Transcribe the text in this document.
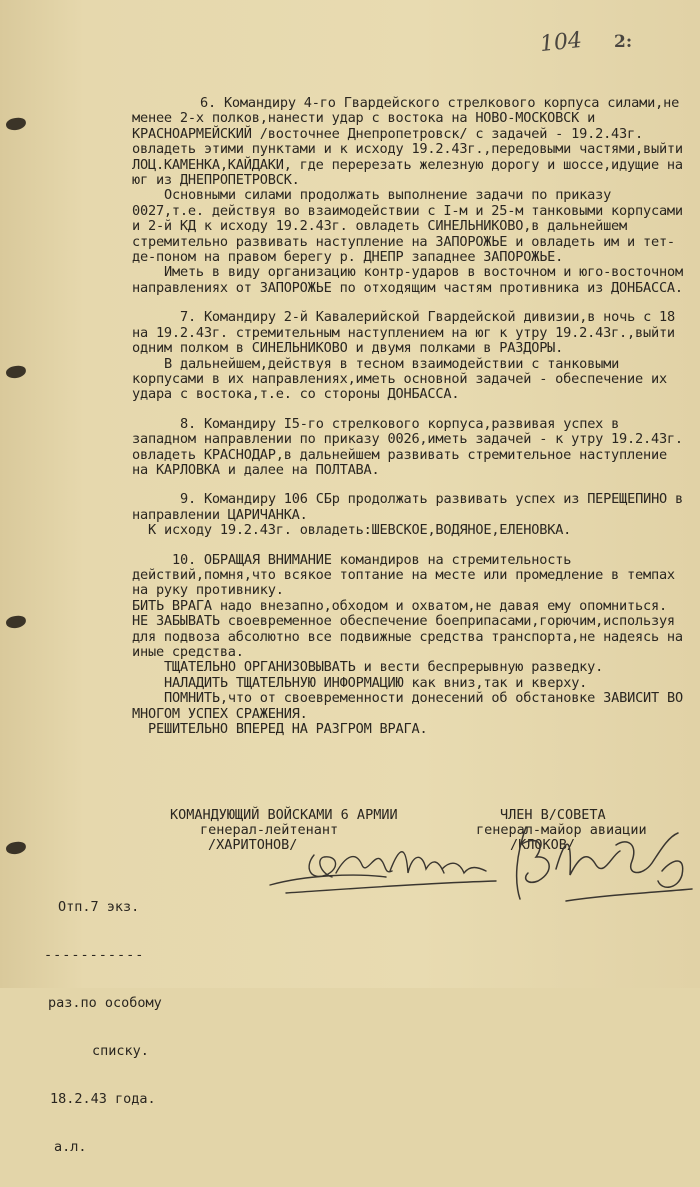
104 2:

6. Командиру 4-го Гвардейского стрелкового корпуса силами,не менее 2-х полков,нанести удар с востока на НОВО-МОСКОВСК и КРАСНОАРМЕЙСКИЙ /восточнее Днепропетровск/ с задачей - 19.2.43г. овладеть этими пунктами и к исходу 19.2.43г.,передовыми частями,выйти ЛОЦ.КАМЕНКА,КАЙДАКИ, где перерезать железную дорогу и шоссе,идущие на юг из ДНЕПРОПЕТРОВСК.

Основными силами продолжать выполнение задачи по приказу 0027,т.е. действуя во взаимодействии с I-м и 25-м танковыми корпусами и 2-й КД к исходу 19.2.43г. овладеть СИНЕЛЬНИКОВО,в дальнейшем стремительно развивать наступление на ЗАПОРОЖЬЕ и овладеть им и тет-де-поном на правом берегу р. ДНЕПР западнее ЗАПОРОЖЬЕ.

Иметь в виду организацию контр-ударов в восточном и юго-восточном направлениях от ЗАПОРОЖЬЕ по отходящим частям противника из ДОНБАССА.

7. Командиру 2-й Кавалерийской Гвардейской дивизии,в ночь с 18 на 19.2.43г. стремительным наступлением на юг к утру 19.2.43г.,выйти одним полком в СИНЕЛЬНИКОВО и двумя полками в РАЗДОРЫ.

В дальнейшем,действуя в тесном взаимодействии с танковыми корпусами в их направлениях,иметь основной задачей - обеспечение их удара с востока,т.е. со стороны ДОНБАССА.

8. Командиру I5-го стрелкового корпуса,развивая успех в западном направлении по приказу 0026,иметь задачей - к утру 19.2.43г. овладеть КРАСНОДАР,в дальнейшем развивать стремительное наступление на КАРЛОВКА и далее на ПОЛТАВА.

9. Командиру 106 СБр продолжать развивать успех из ПЕРЕЩЕПИНО в направлении ЦАРИЧАНКА.

К исходу 19.2.43г. овладеть:ШЕВСКОЕ,ВОДЯНОЕ,ЕЛЕНОВКА.

10. ОБРАЩАЯ ВНИМАНИЕ командиров на стремительность действий,помня,что всякое топтание на месте или промедление в темпах на руку противнику.

БИТЬ ВРАГА надо внезапно,обходом и охватом,не давая ему опомниться.

НЕ ЗАБЫВАТЬ своевременное обеспечение боеприпасами,горючим,используя для подвоза абсолютно все подвижные средства транспорта,не надеясь на иные средства.

ТЩАТЕЛЬНО ОРГАНИЗОВЫВАТЬ и вести беспрерывную разведку.

НАЛАДИТЬ ТЩАТЕЛЬНУЮ ИНФОРМАЦИЮ как вниз,так и кверху.

ПОМНИТЬ,что от своевременности донесений об обстановке ЗАВИСИТ ВО МНОГОМ УСПЕХ СРАЖЕНИЯ.

РЕШИТЕЛЬНО ВПЕРЕД НА РАЗГРОМ ВРАГА.

КОМАНДУЮЩИЙ ВОЙСКАМИ 6 АРМИИ
генерал-лейтенант
/ХАРИТОНОВ/
ЧЛЕН В/СОВЕТА
генерал-майор авиации
/КЛОКОВ/

Отп.7 экз.

-----------

раз.по особому

списку.

18.2.43 года.

а.л.
